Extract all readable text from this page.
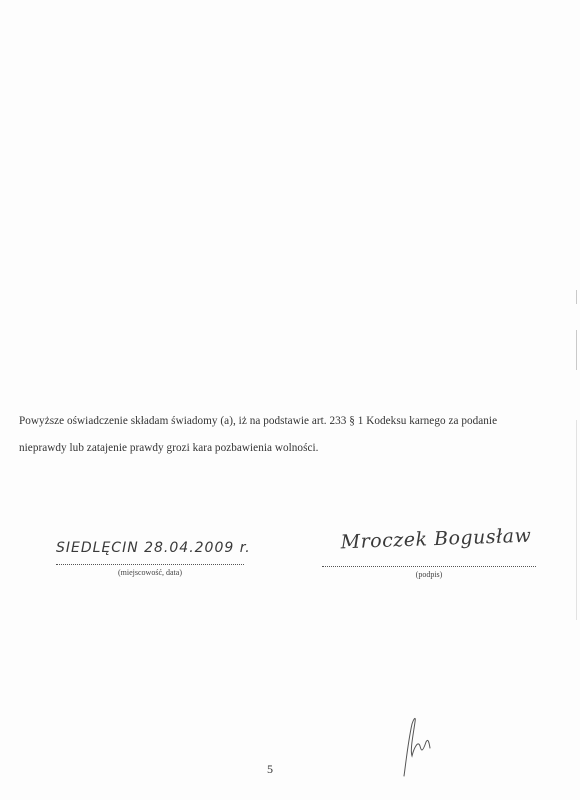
Powyższe oświadczenie składam świadomy (a), iż na podstawie art. 233 § 1 Kodeksu karnego za podanie

nieprawdy lub zatajenie prawdy grozi kara pozbawienia wolności.

SIEDLĘCIN 28.04.2009 r.
(miejscowość, data)
Mroczek Bogusław
(podpis)
5
